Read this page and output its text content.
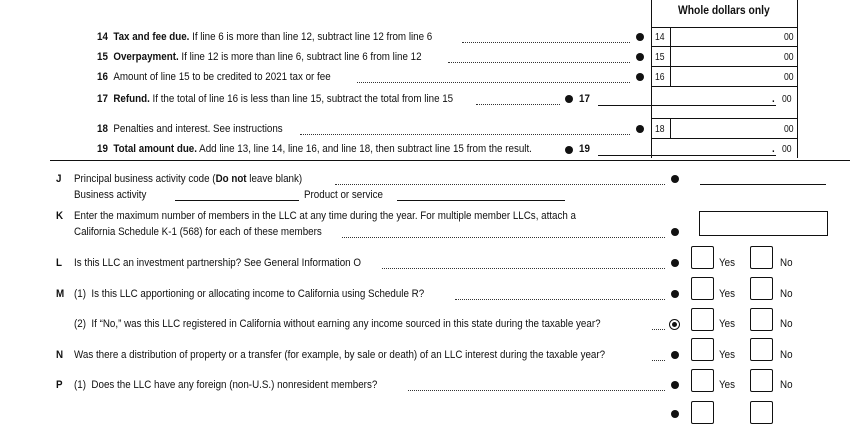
Whole dollars only
14 Tax and fee due. If line 6 is more than line 12, subtract line 12 from line 6	14	00
15 Overpayment. If line 12 is more than line 6, subtract line 6 from line 12	15	00
16 Amount of line 15 to be credited to 2021 tax or fee	16	00
17 Refund. If the total of line 16 is less than line 15, subtract the total from line 15	17	. 00
18 Penalties and interest. See instructions	18	00
19 Total amount due. Add line 13, line 14, line 16, and line 18, then subtract line 15 from the result.	19	. 00
J Principal business activity code (Do not leave blank)
Business activity	Product or service
K Enter the maximum number of members in the LLC at any time during the year. For multiple member LLCs, attach a
California Schedule K-1 (568) for each of these members
L Is this LLC an investment partnership? See General Information O	Yes	No
M (1) Is this LLC apportioning or allocating income to California using Schedule R?	Yes	No
(2) If “No,” was this LLC registered in California without earning any income sourced in this state during the taxable year?	Yes	No
N Was there a distribution of property or a transfer (for example, by sale or death) of an LLC interest during the taxable year?	Yes	No
P (1) Does the LLC have any foreign (non-U.S.) nonresident members?	Yes	No
